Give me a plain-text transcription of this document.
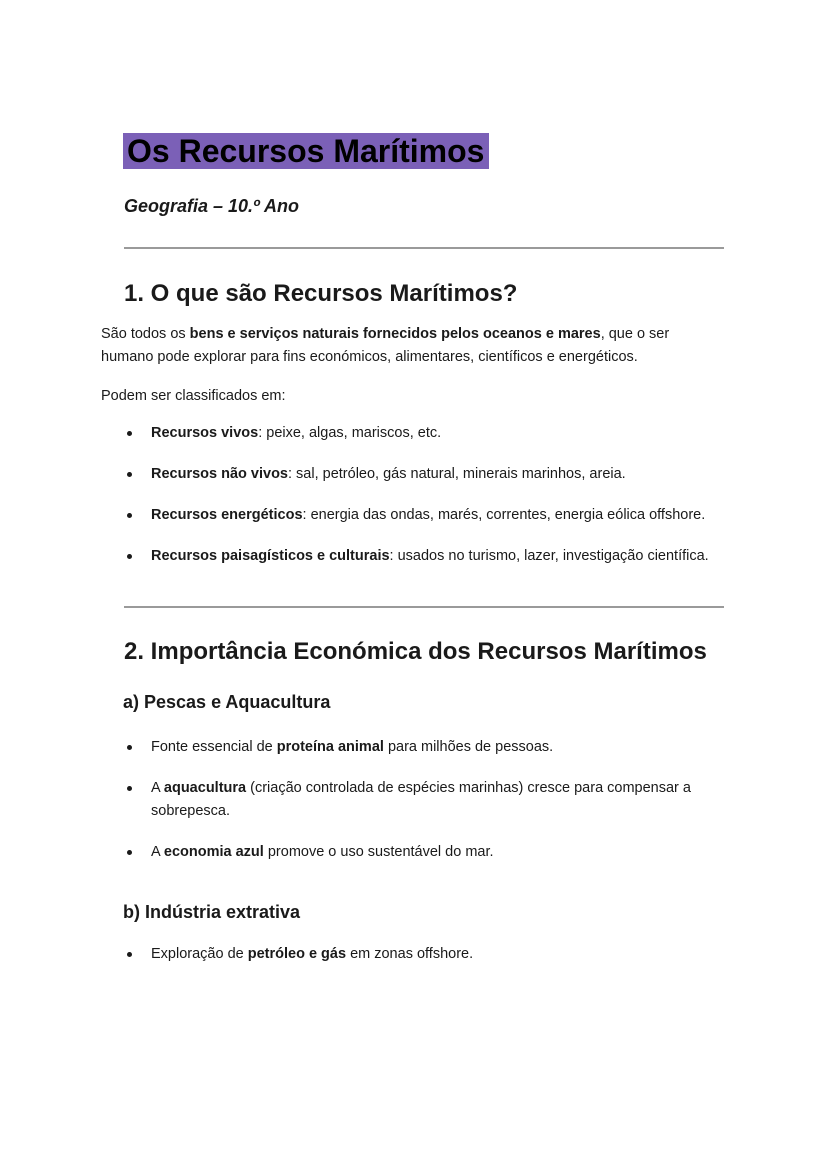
Os Recursos Marítimos

Geografia – 10.º Ano

1. O que são Recursos Marítimos?

São todos os bens e serviços naturais fornecidos pelos oceanos e mares, que o ser humano pode explorar para fins económicos, alimentares, científicos e energéticos.

Podem ser classificados em:

Recursos vivos: peixe, algas, mariscos, etc.
Recursos não vivos: sal, petróleo, gás natural, minerais marinhos, areia.
Recursos energéticos: energia das ondas, marés, correntes, energia eólica offshore.
Recursos paisagísticos e culturais: usados no turismo, lazer, investigação científica.
2. Importância Económica dos Recursos Marítimos
a) Pescas e Aquacultura
Fonte essencial de proteína animal para milhões de pessoas.
A aquacultura (criação controlada de espécies marinhas) cresce para compensar a sobrepesca.
A economia azul promove o uso sustentável do mar.
b) Indústria extrativa
Exploração de petróleo e gás em zonas offshore.
